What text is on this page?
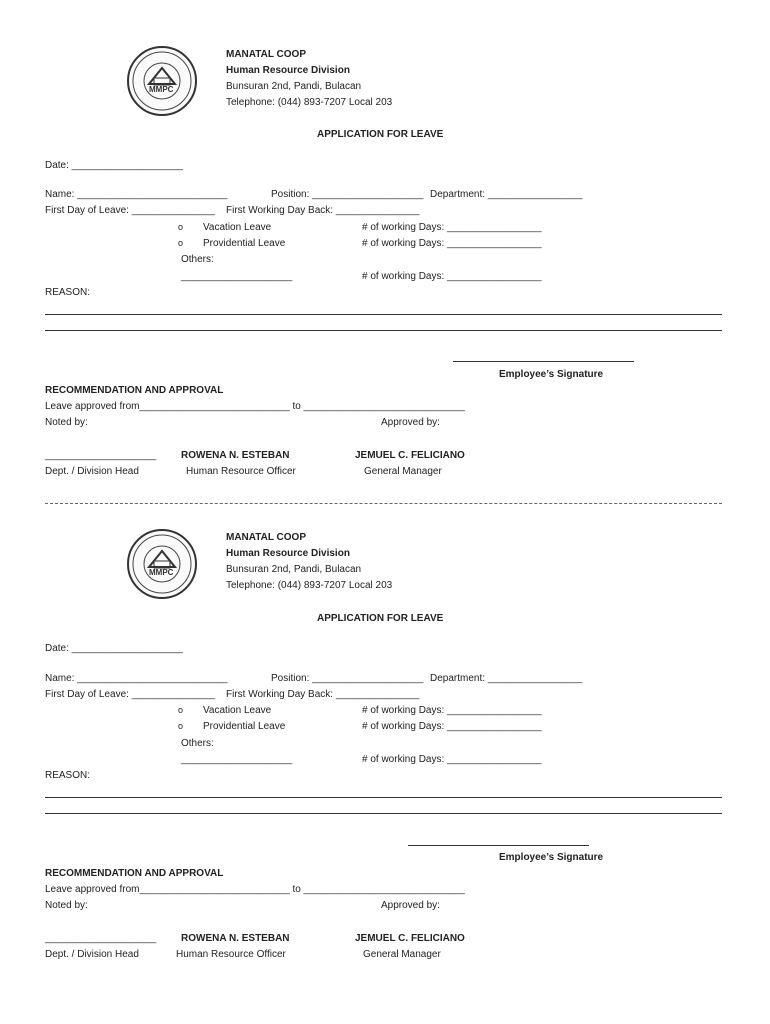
MMPC
MANATAL COOP
Human Resource Division
Bunsuran 2nd, Pandi, Bulacan
Telephone: (044) 893-7207 Local 203
APPLICATION FOR LEAVE
Date: ____________________
Name: ___________________________	Position: ____________________ Department: _________________
First Day of Leave: _______________ First Working Day Back: _______________
o Vacation Leave	# of working Days: _________________
o Providential Leave	# of working Days: _________________
Others:
____________________	# of working Days: _________________
REASON:
Employee’s Signature
RECOMMENDATION AND APPROVAL
Leave approved from___________________________ to _____________________________
Noted by:	Approved by:
____________________ ROWENA N. ESTEBAN	JEMUEL C. FELICIANO
Dept. / Division Head	Human Resource Officer	General Manager
MMPC
MANATAL COOP
Human Resource Division
Bunsuran 2nd, Pandi, Bulacan
Telephone: (044) 893-7207 Local 203
APPLICATION FOR LEAVE
Date: ____________________
Name: ___________________________	Position: ____________________ Department: _________________
First Day of Leave: _______________ First Working Day Back: _______________
o Vacation Leave	# of working Days: _________________
o Providential Leave	# of working Days: _________________
Others:
____________________	# of working Days: _________________
REASON:
Employee’s Signature
RECOMMENDATION AND APPROVAL
Leave approved from___________________________ to _____________________________
Noted by:	Approved by:
____________________ ROWENA N. ESTEBAN	JEMUEL C. FELICIANO
Dept. / Division Head	Human Resource Officer	General Manager
